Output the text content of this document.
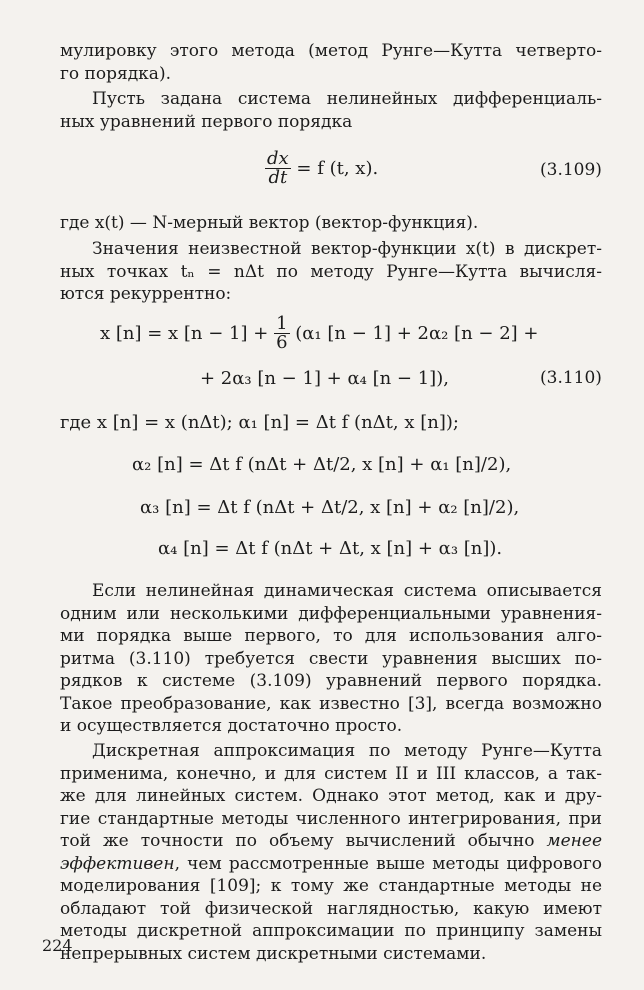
мулировку этого метода (метод Рунге—Кутта четверто-
го порядка).
Пусть задана система нелинейных дифференциаль-
ных уравнений первого порядка
$\frac{dx}{dt} = f$ (t, x).	(3.109)
где x(t) — N-мерный вектор (вектор-функция).
Значения неизвестной вектор-функции x(t) в дискрет-
ных точках tₙ = nΔt по методу Рунге—Кутта вычисля-
ются рекуррентно:
x [n] = x $[n - 1] + \frac{1}{6} (\alpha_1$ [n − 1] + 2α₂ [n − 2] +
+ 2α₃ [n − 1] + α₄ [n − 1]),	(3.110)
где x [n] = x (nΔt); α₁ [n] = Δt f (nΔt, x [n]);
α₂ [n] = Δt f (nΔt + Δt/2, x [n] + α₁ [n]/2),
α₃ [n] = Δt f (nΔt + Δt/2, x [n] + α₂ [n]/2),
α₄ [n] = Δt f (nΔt + Δt, x [n] + α₃ [n]).
Если нелинейная динамическая система описывается
одним или несколькими дифференциальными уравнения-
ми порядка выше первого, то для использования алго-
ритма (3.110) требуется свести уравнения высших по-
рядков к системе (3.109) уравнений первого порядка.
Такое преобразование, как известно [3], всегда возможно
и осуществляется достаточно просто.
Дискретная аппроксимация по методу Рунге—Кутта
применима, конечно, и для систем II и III классов, а так-
же для линейных систем. Однако этот метод, как и дру-
гие стандартные методы численного интегрирования, при
той же точности по объему вычислений обычно менее
эффективен, чем рассмотренные выше методы цифрового
моделирования [109]; к тому же стандартные методы не
обладают той физической наглядностью, какую имеют
методы дискретной аппроксимации по принципу замены
непрерывных систем дискретными системами.
224
